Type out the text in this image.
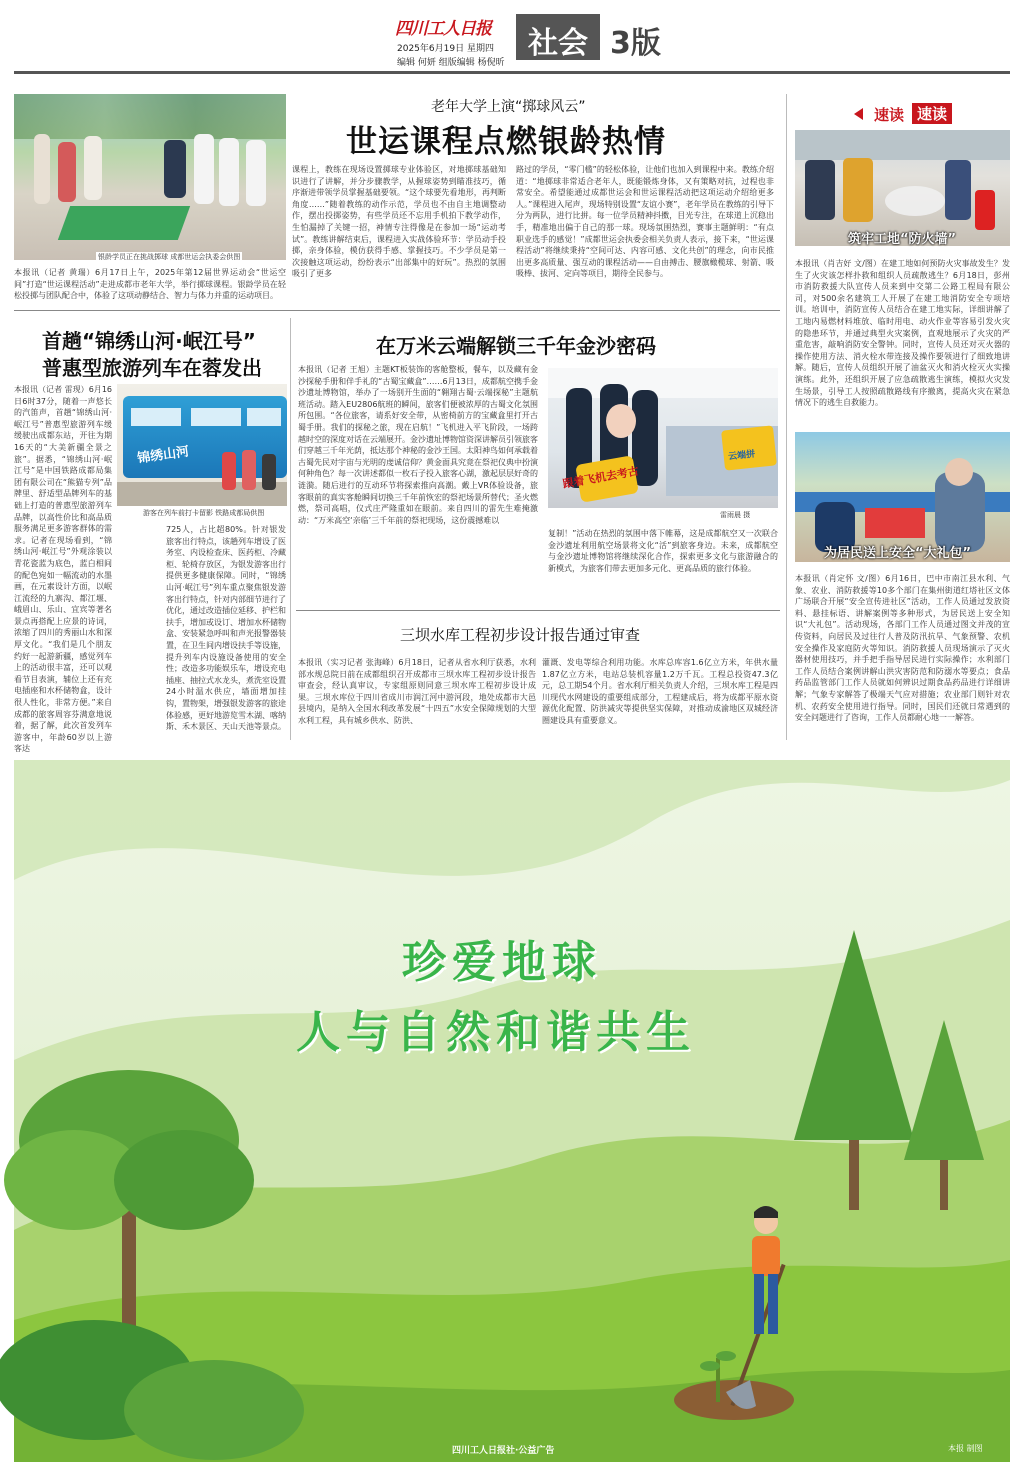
四川工人日报
2025年6月19日 星期四
编辑 何妍 组版编辑 杨倪昕
社会 3版
银龄学员正在挑战掷球 成都世运会执委会供图
老年大学上演“掷球风云”
世运课程点燃银龄热情
本报讯（记者 黄瑞）6月17日上午，2025年第12届世界运动会“世运空间”打造“世运课程活动”走进成都市老年大学，举行掷球课程。银龄学员在轻松投掷与团队配合中，体验了这项动静结合、智力与体力并重的运动项目。
课程上，教练在现场设置掷球专业体验区，对地掷球基础知识进行了讲解，并分步骤教学，从握球姿势到瞄准技巧，循序渐进带领学员掌握基础要领。“这个球要先看地形，再判断角度……”随着教练的动作示范，学员也不由自主地调整动作，摆出投掷姿势，有些学员还不忘用手机拍下教学动作，生怕漏掉了关键一招，神情专注得像是在参加一场“运动考试”。教练讲解结束后，课程进入实战体验环节：学员动手投掷，亲身体验，模仿获得手感、掌握技巧。不少学员是第一次接触这项运动，纷纷表示“出部集中的好玩”。热烈的氛围吸引了更多
路过的学员，“零门槛”的轻松体验，让他们也加入到课程中来。教练介绍道：“地掷球非常适合老年人，既能锻炼身体，又有策略对抗，过程也非常安全。希望能通过成都世运会和世运课程活动把这项运动介绍给更多人。”课程进入尾声，现场特别设置“友谊小赛”，老年学员在教练的引导下分为两队，进行比拼。每一位学员精神抖擞，目光专注，在球道上沉稳出手，精准地出偏于自己的那一球。现场氛围热烈，赛事主题鲜明：“有点职业选手的感觉！”成都世运会执委会相关负责人表示，接下来，“世运课程活动”将继续秉持“空间可达、内容可感、文化共创”的理念，向市民推出更多高质量、强互动的课程活动——自由搏击、腰旗橄榄球、射箭、吸吸棒、拔河、定向等项目，期待全民参与。
首趟“锦绣山河·岷江号”
普惠型旅游列车在蓉发出
本报讯（记者 雷现）6月16日6时37分，随着一声悠长的汽笛声，首趟“锦绣山河·岷江号”普惠型旅游列车缓缓驶出成都东站，开往为期16天的“大美新疆全景之旅”。据悉，“锦绣山河·岷江号”是中国铁路成都局集团有限公司在“熊猫专列”品牌里、舒适型品牌列车的基础上打造的普惠型旅游列车品牌，以高性价比和高品质服务满足更多游客群体的需求。记者在现场看到，“锦绣山河·岷江号”外观涂装以青花瓷蓝为底色，蓝白相间的配色宛如一幅流动的水墨画，在元素设计方面，以岷江流经的九寨沟、都江堰、峨眉山、乐山、宜宾等著名景点再搭配上应景的诗词，浓缩了四川的秀丽山水和深厚文化。“我们是几个朋友约好一起游新疆，感觉列车上的活动很丰富，还可以观看节目表演，辅位上还有充电插座和水杯储物盒，设计很人性化，非常方便。”来自成都的旅客周容芬满意地说着，据了解，此次首发列车游客中，年龄60岁以上游客达
锦绣山河
游客在列车前打卡留影 铁路成都局供图
725人，占比超80%。针对银发旅客出行特点，该趟列车增设了医务室、内设检查床、医药柜、冷藏柜、轮椅存放区，为银发游客出行提供更多健康保障。同时，“锦绣山河·岷江号”列车重点聚焦银发游客出行特点，针对内部细节进行了优化，通过改造插位延移、护栏和扶手，增加或设订、增加水杯储物盒、安装紧急呼叫和声光报警器装置，在卫生间内增设扶手等设施，提升列车内设施设备使用的安全性；改造多功能娱乐车，增设充电插座、抽拉式水龙头，煮洗室设置24小时温水供应，墙面增加挂钩，置物架，增强银发游客的旅途体验感，更好地游览雪木湖、喀纳斯、禾木景区、天山天池等景点。
在万米云端解锁三千年金沙密码
本报讯（记者 王旭）主题KT板装饰的客舱整板，餐车，以及藏有金沙探秘手册和伴手礼的“古蜀宝藏盒”……6月13日，成都航空携手金沙遗址博物馆，举办了一场别开生面的“翱翔古蜀·云端探秘”主题航班活动。踏入EU2806航班的瞬间，旅客们便被浓厚的古蜀文化氛围所包围。“各位旅客，请系好安全带，从密椅前方的宝藏盒里打开古蜀手册。我们的探秘之旅，现在启航！”飞机进入平飞阶段，一场跨越时空的深度对话在云端展开。金沙遗址博物馆资深讲解员引领旅客们穿越三千年光荫，抵达那个神秘的金沙王国。太阳神鸟如何承载着古蜀先民对宇宙与光明的虔诚信仰？黄金面具究竟在祭祀仪典中扮演何种角色？每一次讲述都似一枚石子投入旅客心湖，激起层层好奇的涟漪。随后进行的互动环节将探索推向高潮。戴上VR体验设备，旅客眼前的真实客舱瞬间切换三千年前恢宏的祭祀场景所替代；圣火燃燃，祭司高唱，仪式庄严隆重如在眼前。来自四川的雷先生难掩激动：“万米高空‘亲临’三千年前的祭祀现场，这份震撼难以
跟着飞机去考古
云端拼
雷雨晨 摄
复制！”活动在热烈的氛围中落下帷幕，这是成都航空又一次联合金沙遗址利用航空场景将文化“活”到旅客身边。未来，成都航空与金沙遗址博物馆将继续深化合作，探索更多文化与旅游融合的新模式，为旅客们带去更加多元化、更高品质的旅行体验。
三坝水库工程初步设计报告通过审查
本报讯（实习记者 张海峰）6月18日，记者从省水利厅获悉，水利部水规总院日前在成都组织召开成都市三坝水库工程初步设计报告审查会，经认真审议，专家组原则同意三坝水库工程初步设计成果。三坝水库位于四川省成川市润江河中游河段，地处成都市大邑县境内，是纳入全国水利改革发展“十四五”水安全保障规划的大型水利工程，具有城乡供水、防洪、
灌溉、发电等综合利用功能。水库总库容1.6亿立方米，年供水量1.87亿立方米，电站总装机容量1.2万千瓦。工程总投资47.3亿元，总工期54个月。省水利厅相关负责人介绍，三坝水库工程是四川现代水网建设的重要组成部分，工程建成后，将为成都平原水资源优化配置、防洪减灾等提供坚实保障，对推动成渝地区双城经济圈建设具有重要意义。
速读 速读
筑牢工地“防火墙”
本报讯（肖吉好 文/图）在建工地如何预防火灾事故发生？发生了火灾该怎样扑救和组织人员疏散逃生？6月18日，彭州市消防救援大队宣传人员来到中交第二公路工程局有限公司，对500余名建筑工人开展了在建工地消防安全专项培训。培训中，消防宣传人员结合在建工地实际，详细讲解了工地内易燃材料堆放、临时用电、动火作业等容易引发火灾的隐患环节，并通过典型火灾案例，直观地展示了火灾的严重危害，敲响消防安全警钟。同时，宣传人员还对灭火器的操作使用方法、消火栓水带连接及操作要领进行了细致地讲解。随后，宣传人员组织开展了油盆灭火和消火栓灭火实操演练。此外，还组织开展了应急疏散逃生演练，模拟火灾发生场景，引导工人按照疏散路线有序撤离，提高火灾在紧急情况下的逃生自救能力。
为居民送上安全“大礼包”
本报讯（肖定怀 文/图）6月16日，巴中市南江县水利、气象、农业、消防救援等10多个部门在集州街道红塔社区文体广场联合开展“安全宣传进社区”活动，工作人员通过发放资料、悬挂标语、讲解案例等多种形式，为居民送上安全知识“大礼包”。活动现场，各部门工作人员通过图文并茂的宣传资料，向居民及过往行人普及防汛抗旱、气象预警、农机安全操作及家庭防火等知识。消防救援人员现场演示了灭火器材使用技巧，并手把手指导居民进行实际操作；水利部门工作人员结合案例讲解山洪灾害防范和防溺水等要点；食品药品监管部门工作人员就如何辨识过期食品药品进行详细讲解；气象专家解答了极端天气应对措施；农业部门则针对农机、农药安全使用进行指导。同时，国民们还就日常遇到的安全问题进行了咨询，工作人员都耐心地一一解答。
珍爱地球
人与自然和谐共生
四川工人日报社·公益广告	本报 制图
